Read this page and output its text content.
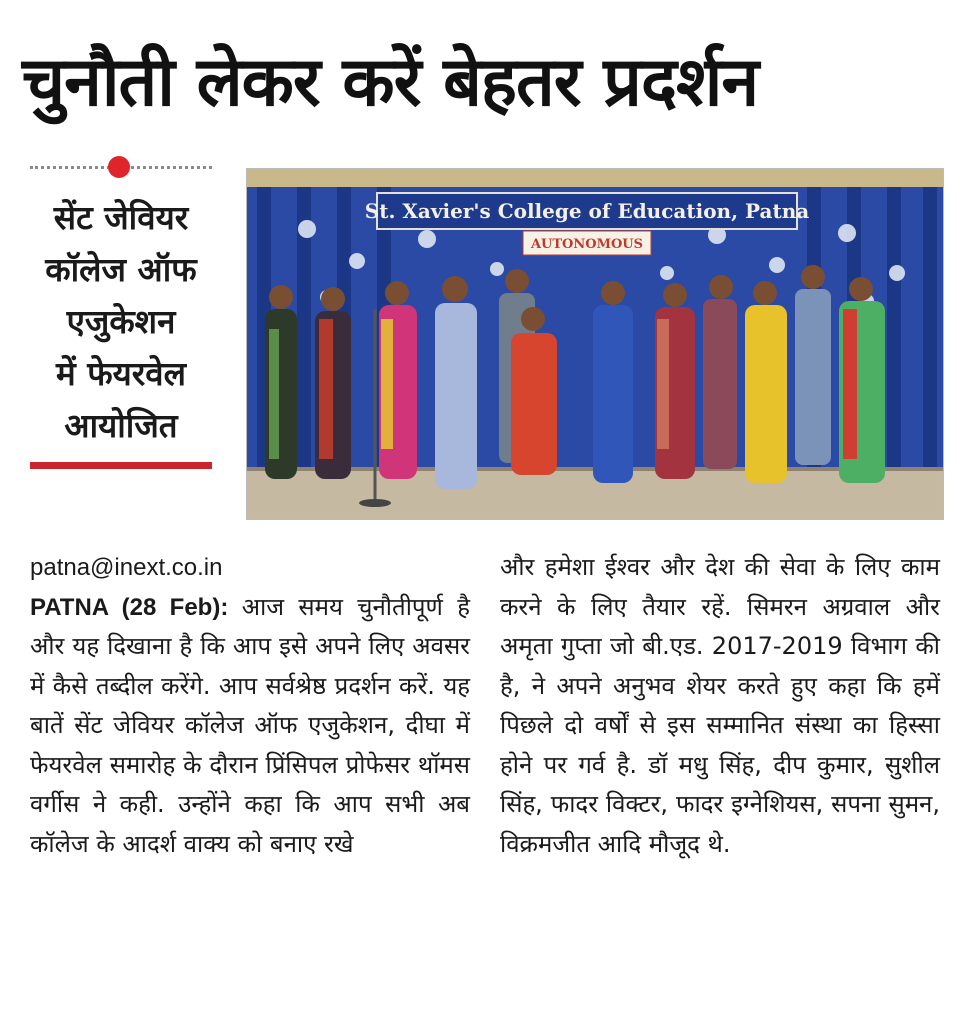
चुनौती लेकर करें बेहतर प्रदर्शन
सेंट जेवियर
कॉलेज ऑफ
एजुकेशन
में फेयरवेल
आयोजित
St. Xavier's College of Education, Patna
AUTONOMOUS
patna@inext.co.in
PATNA (28 Feb): आज समय चुनौतीपूर्ण है और यह दिखाना है कि आप इसे अपने लिए अवसर में कैसे तब्दील करेंगे. आप सर्वश्रेष्ठ प्रदर्शन करें. यह बातें सेंट जेवियर कॉलेज ऑफ एजुकेशन, दीघा में फेयरवेल समारोह के दौरान प्रिंसिपल प्रोफेसर थॉमस वर्गीस ने कही. उन्होंने कहा कि आप सभी अब कॉलेज के आदर्श वाक्य को बनाए रखे
और हमेशा ईश्वर और देश की सेवा के लिए काम करने के लिए तैयार रहें. सिमरन अग्रवाल और अमृता गुप्ता जो बी.एड. 2017-2019 विभाग की है, ने अपने अनुभव शेयर करते हुए कहा कि हमें पिछले दो वर्षों से इस सम्मानित संस्था का हिस्सा होने पर गर्व है. डॉ मधु सिंह, दीप कुमार, सुशील सिंह, फादर विक्टर, फादर इग्नेशियस, सपना सुमन, विक्रमजीत आदि मौजूद थे.
